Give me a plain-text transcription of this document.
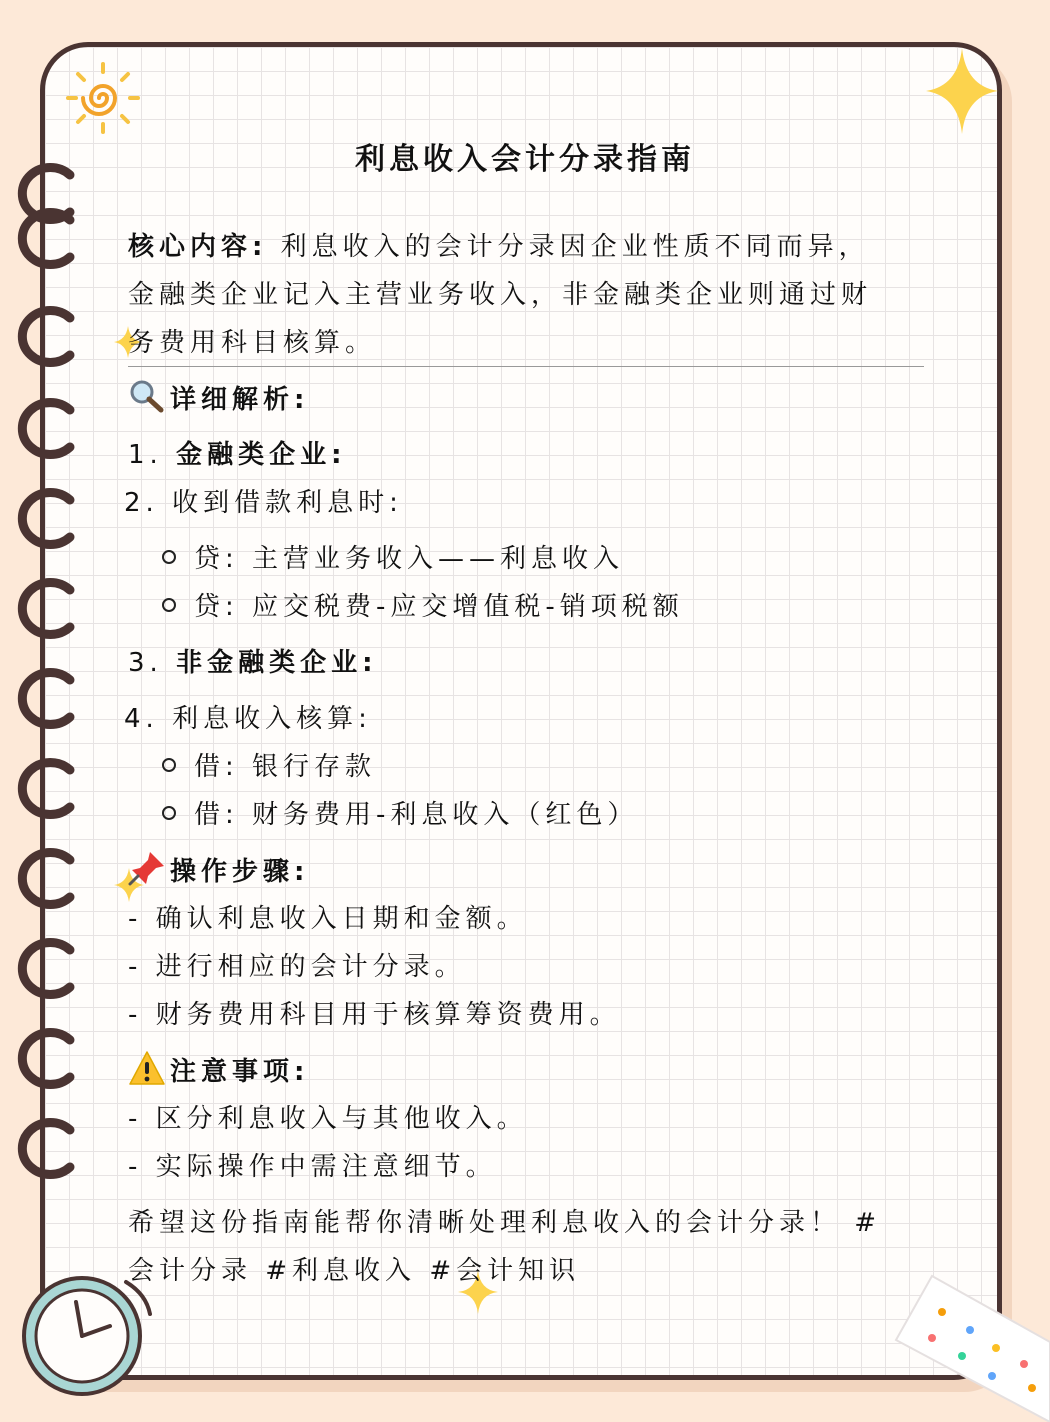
利息收入会计分录指南
核心内容: 利息收入的会计分录因企业性质不同而异，
金融类企业记入主营业务收入，非金融类企业则通过财
务费用科目核算。
详细解析:
1. 金融类企业:
2. 收到借款利息时:
贷: 主营业务收入——利息收入
贷: 应交税费-应交增值税-销项税额
3. 非金融类企业:
4. 利息收入核算:
借: 银行存款
借: 财务费用-利息收入（红色）
操作步骤:
- 确认利息收入日期和金额。
- 进行相应的会计分录。
- 财务费用科目用于核算筹资费用。
注意事项:
- 区分利息收入与其他收入。
- 实际操作中需注意细节。
希望这份指南能帮你清晰处理利息收入的会计分录！ #
会计分录 #利息收入 #会计知识
